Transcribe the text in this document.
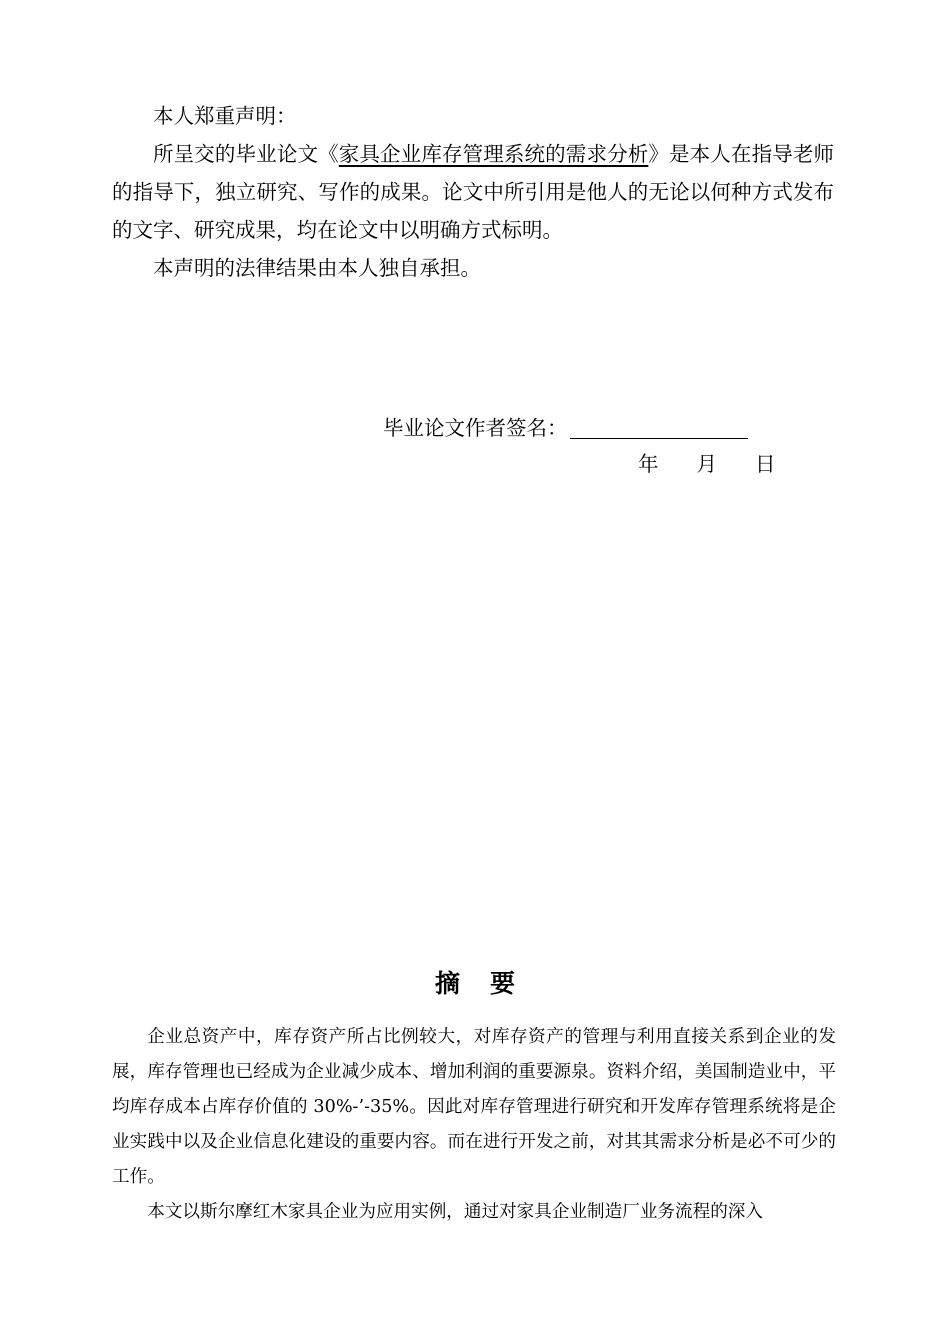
本人郑重声明：

所呈交的毕业论文《家具企业库存管理系统的需求分析》是本人在指导老师的指导下，独立研究、写作的成果。论文中所引用是他人的无论以何种方式发布的文字、研究成果，均在论文中以明确方式标明。

本声明的法律结果由本人独自承担。

毕业论文作者签名：
年 月 日
摘要

企业总资产中，库存资产所占比例较大，对库存资产的管理与利用直接关系到企业的发展，库存管理也已经成为企业减少成本、增加利润的重要源泉。资料介绍，美国制造业中，平均库存成本占库存价值的 30%-’-35%。因此对库存管理进行研究和开发库存管理系统将是企业实践中以及企业信息化建设的重要内容。而在进行开发之前，对其其需求分析是必不可少的工作。

本文以斯尔摩红木家具企业为应用实例，通过对家具企业制造厂业务流程的深入
